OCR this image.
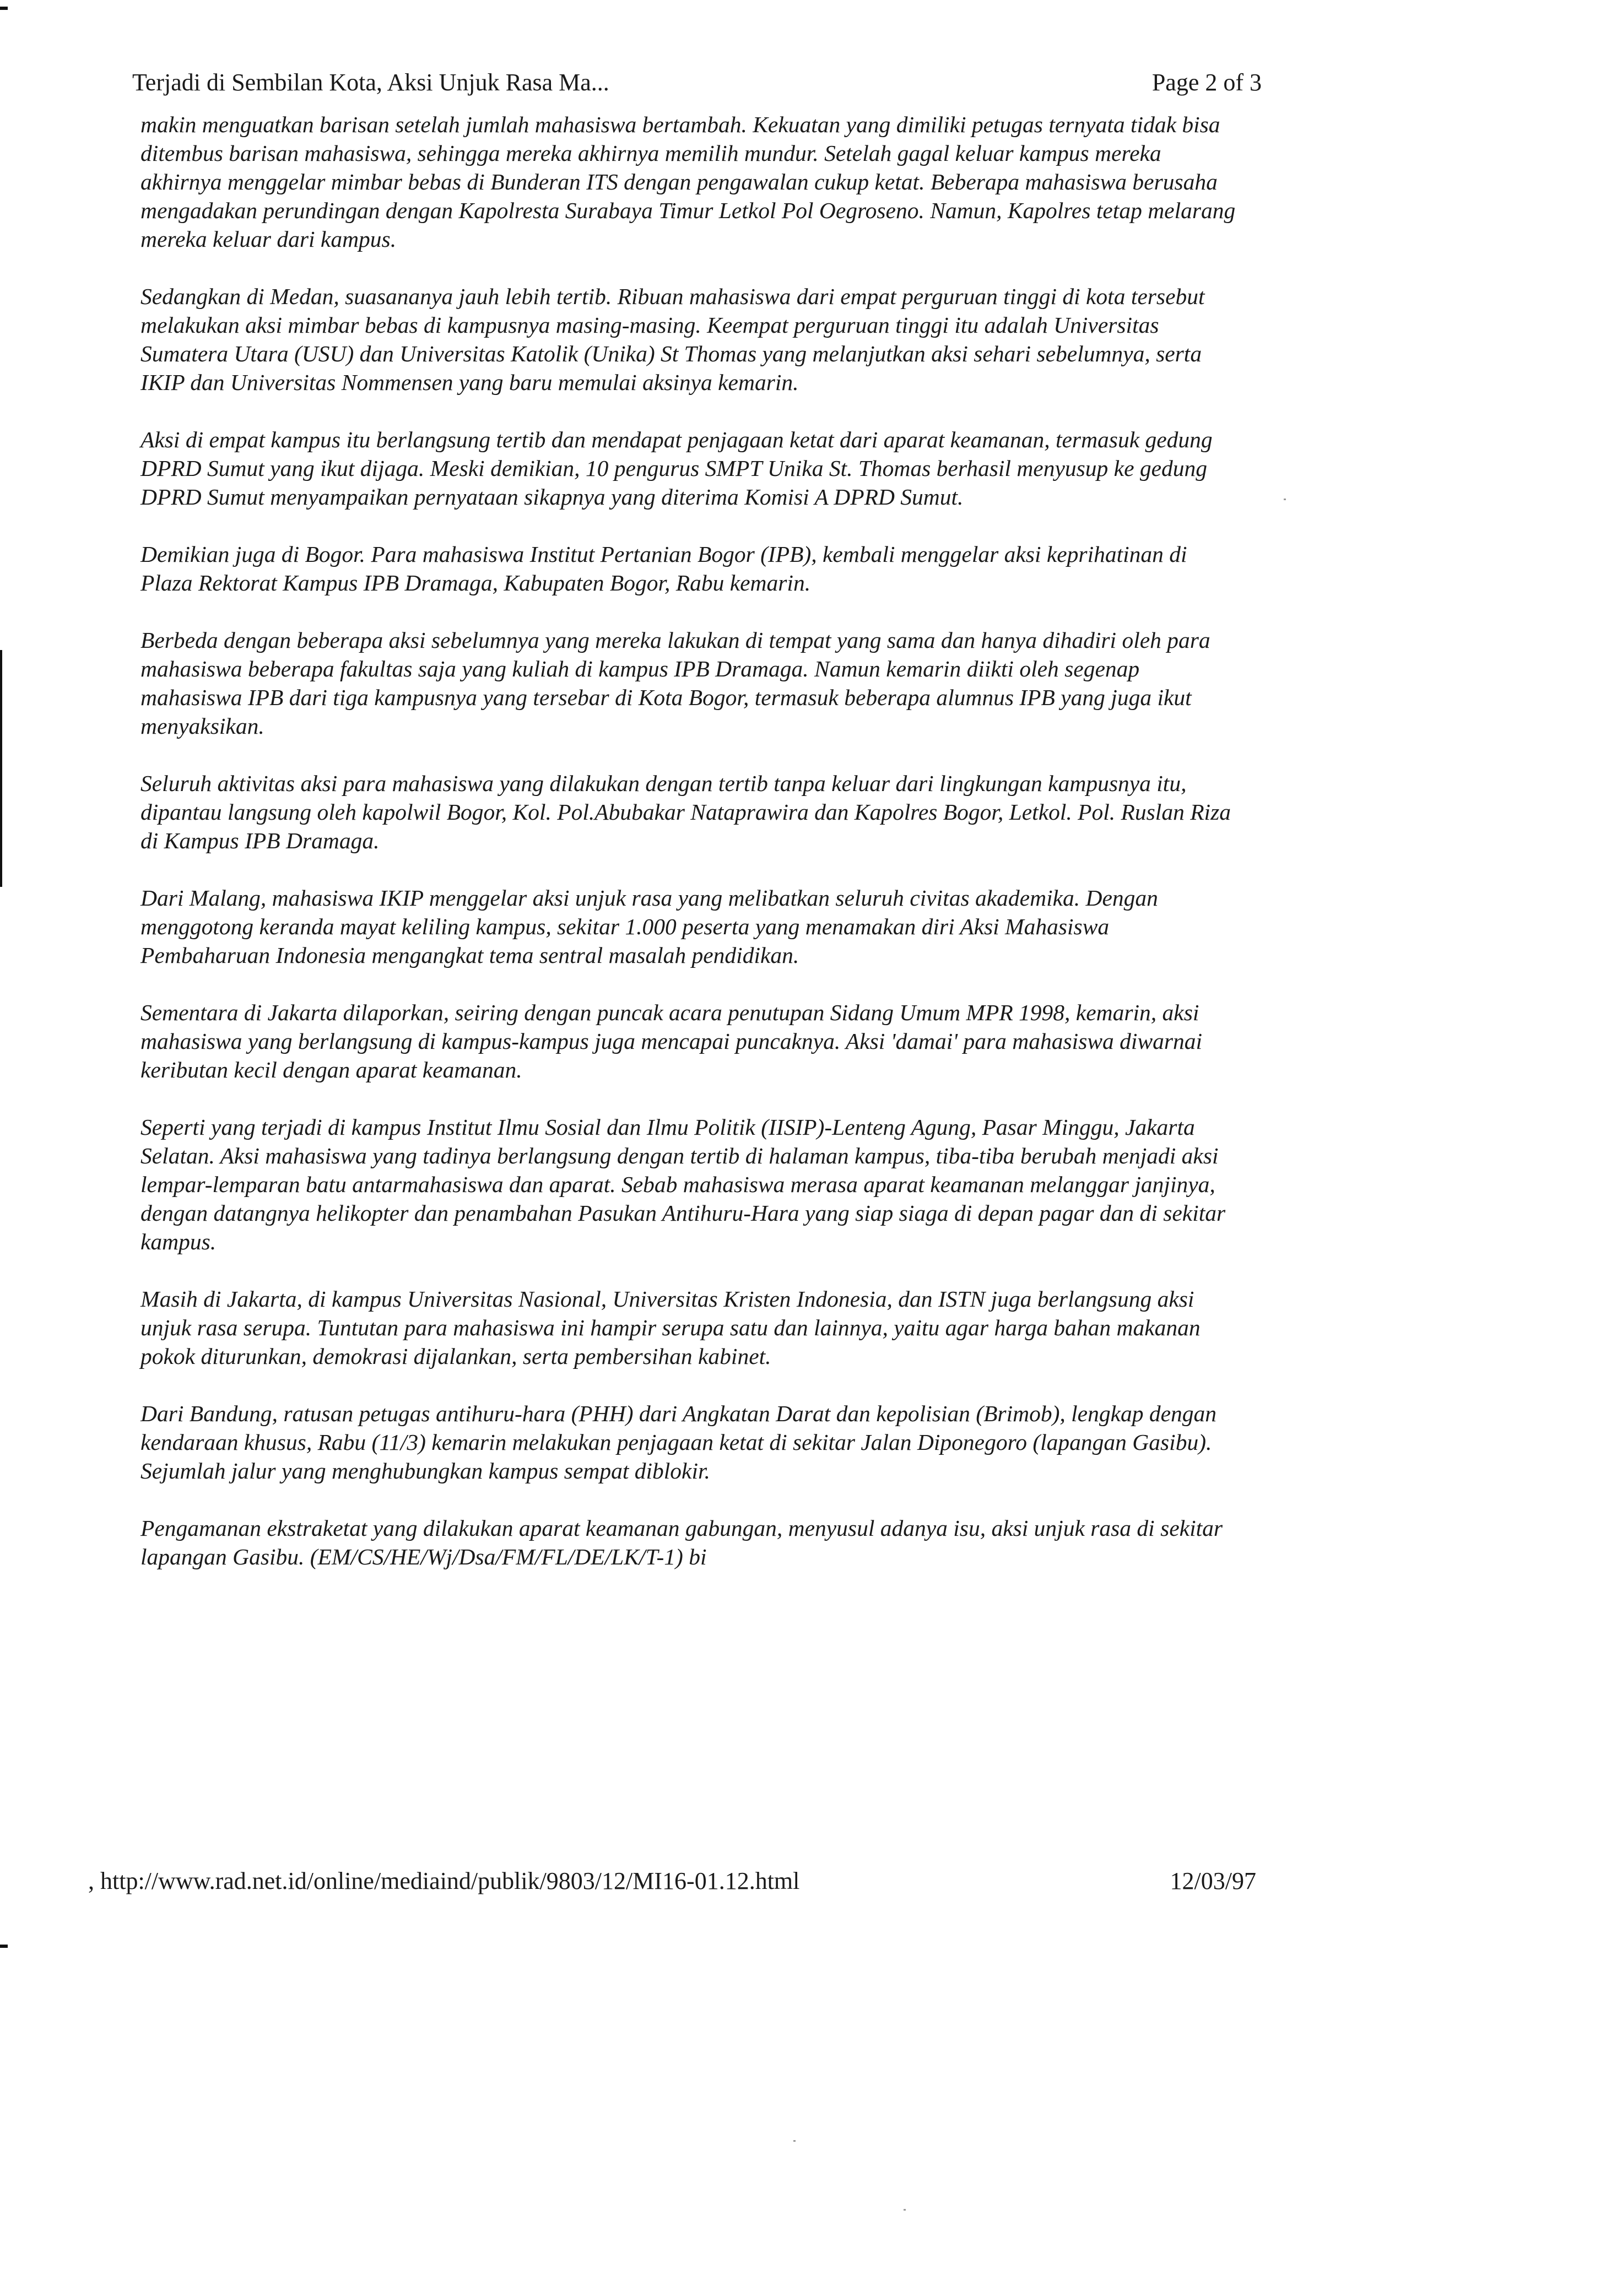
Terjadi di Sembilan Kota, Aksi Unjuk Rasa Ma...	Page 2 of 3

makin menguatkan barisan setelah jumlah mahasiswa bertambah. Kekuatan yang dimiliki petugas ternyata tidak bisa ditembus barisan mahasiswa, sehingga mereka akhirnya memilih mundur. Setelah gagal keluar kampus mereka akhirnya menggelar mimbar bebas di Bunderan ITS dengan pengawalan cukup ketat. Beberapa mahasiswa berusaha mengadakan perundingan dengan Kapolresta Surabaya Timur Letkol Pol Oegroseno. Namun, Kapolres tetap melarang mereka keluar dari kampus.

Sedangkan di Medan, suasananya jauh lebih tertib. Ribuan mahasiswa dari empat perguruan tinggi di kota tersebut melakukan aksi mimbar bebas di kampusnya masing-masing. Keempat perguruan tinggi itu adalah Universitas Sumatera Utara (USU) dan Universitas Katolik (Unika) St Thomas yang melanjutkan aksi sehari sebelumnya, serta IKIP dan Universitas Nommensen yang baru memulai aksinya kemarin.

Aksi di empat kampus itu berlangsung tertib dan mendapat penjagaan ketat dari aparat keamanan, termasuk gedung DPRD Sumut yang ikut dijaga. Meski demikian, 10 pengurus SMPT Unika St. Thomas berhasil menyusup ke gedung DPRD Sumut menyampaikan pernyataan sikapnya yang diterima Komisi A DPRD Sumut.

Demikian juga di Bogor. Para mahasiswa Institut Pertanian Bogor (IPB), kembali menggelar aksi keprihatinan di Plaza Rektorat Kampus IPB Dramaga, Kabupaten Bogor, Rabu kemarin.

Berbeda dengan beberapa aksi sebelumnya yang mereka lakukan di tempat yang sama dan hanya dihadiri oleh para mahasiswa beberapa fakultas saja yang kuliah di kampus IPB Dramaga. Namun kemarin diikti oleh segenap mahasiswa IPB dari tiga kampusnya yang tersebar di Kota Bogor, termasuk beberapa alumnus IPB yang juga ikut menyaksikan.

Seluruh aktivitas aksi para mahasiswa yang dilakukan dengan tertib tanpa keluar dari lingkungan kampusnya itu, dipantau langsung oleh kapolwil Bogor, Kol. Pol.Abubakar Nataprawira dan Kapolres Bogor, Letkol. Pol. Ruslan Riza di Kampus IPB Dramaga.

Dari Malang, mahasiswa IKIP menggelar aksi unjuk rasa yang melibatkan seluruh civitas akademika. Dengan menggotong keranda mayat keliling kampus, sekitar 1.000 peserta yang menamakan diri Aksi Mahasiswa Pembaharuan Indonesia mengangkat tema sentral masalah pendidikan.

Sementara di Jakarta dilaporkan, seiring dengan puncak acara penutupan Sidang Umum MPR 1998, kemarin, aksi mahasiswa yang berlangsung di kampus-kampus juga mencapai puncaknya. Aksi 'damai' para mahasiswa diwarnai keributan kecil dengan aparat keamanan.

Seperti yang terjadi di kampus Institut Ilmu Sosial dan Ilmu Politik (IISIP)-Lenteng Agung, Pasar Minggu, Jakarta Selatan. Aksi mahasiswa yang tadinya berlangsung dengan tertib di halaman kampus, tiba-tiba berubah menjadi aksi lempar-lemparan batu antarmahasiswa dan aparat. Sebab mahasiswa merasa aparat keamanan melanggar janjinya, dengan datangnya helikopter dan penambahan Pasukan Antihuru-Hara yang siap siaga di depan pagar dan di sekitar kampus.

Masih di Jakarta, di kampus Universitas Nasional, Universitas Kristen Indonesia, dan ISTN juga berlangsung aksi unjuk rasa serupa. Tuntutan para mahasiswa ini hampir serupa satu dan lainnya, yaitu agar harga bahan makanan pokok diturunkan, demokrasi dijalankan, serta pembersihan kabinet.

Dari Bandung, ratusan petugas antihuru-hara (PHH) dari Angkatan Darat dan kepolisian (Brimob), lengkap dengan kendaraan khusus, Rabu (11/3) kemarin melakukan penjagaan ketat di sekitar Jalan Diponegoro (lapangan Gasibu). Sejumlah jalur yang menghubungkan kampus sempat diblokir.

Pengamanan ekstraketat yang dilakukan aparat keamanan gabungan, menyusul adanya isu, aksi unjuk rasa di sekitar lapangan Gasibu. (EM/CS/HE/Wj/Dsa/FM/FL/DE/LK/T-1) bi

, http://www.rad.net.id/online/mediaind/publik/9803/12/MI16-01.12.html	12/03/97
